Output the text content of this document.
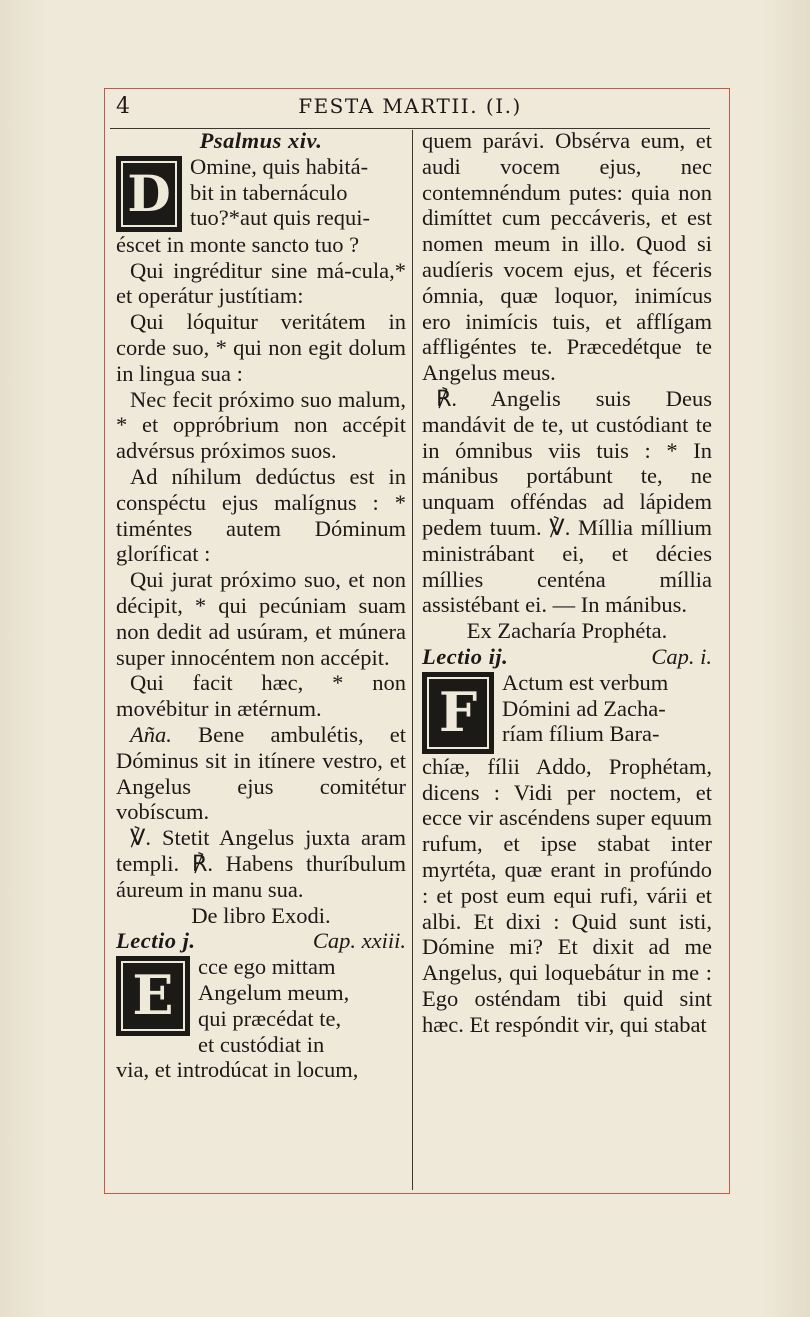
4	FESTA MARTII. (I.)

Psalmus xiv.

D Omine, quis habitá-

bit in tabernáculo

tuo?*aut quis requi-

éscet in monte sancto tuo ?

Qui ingréditur sine má-cula,* et operátur justítiam:

Qui lóquitur veritátem in corde suo, * qui non egit dolum in lingua sua :

Nec fecit próximo suo malum, * et oppróbrium non accépit advérsus próximos suos.

Ad níhilum dedúctus est in conspéctu ejus malígnus : * timéntes autem Dóminum gloríficat :

Qui jurat próximo suo, et non décipit, * qui pecúniam suam non dedit ad usúram, et múnera super innocéntem non accépit.

Qui facit hæc, * non movébitur in ætérnum.

Aña. Bene ambulétis, et Dóminus sit in itínere vestro, et Angelus ejus comitétur vobíscum.

℣. Stetit Angelus juxta aram templi. ℟. Habens thuríbulum áureum in manu sua.

De libro Exodi.

Lectio j.	Cap. xxiii.
E	cce ego mittam

Angelum meum,

qui præcédat te,

et custódiat in

via, et introdúcat in locum,

quem parávi. Obsérva eum, et audi vocem ejus, nec contemnéndum putes: quia non dimíttet cum peccáveris, et est nomen meum in illo. Quod si audíeris vocem ejus, et féceris ómnia, quæ loquor, inimícus ero inimícis tuis, et afflígam affligéntes te. Præcedétque te Angelus meus.

℟. Angelis suis Deus mandávit de te, ut custódiant te in ómnibus viis tuis : * In mánibus portábunt te, ne unquam offéndas ad lápidem pedem tuum. ℣. Míllia míllium ministrábant ei, et décies míllies centéna míllia assistébant ei. — In mánibus.

Ex Zacharía Prophéta.

Lectio ij.	Cap. i.
F	Actum est verbum

Dómini ad Zacha-

ríam fílium Bara-

chíæ, fílii Addo, Prophétam, dicens : Vidi per noctem, et ecce vir ascéndens super equum rufum, et ipse stabat inter myrtéta, quæ erant in profúndo : et post eum equi rufi, várii et albi. Et dixi : Quid sunt isti, Dómine mi? Et dixit ad me Angelus, qui loquebátur in me : Ego osténdam tibi quid sint hæc. Et respóndit vir, qui stabat
